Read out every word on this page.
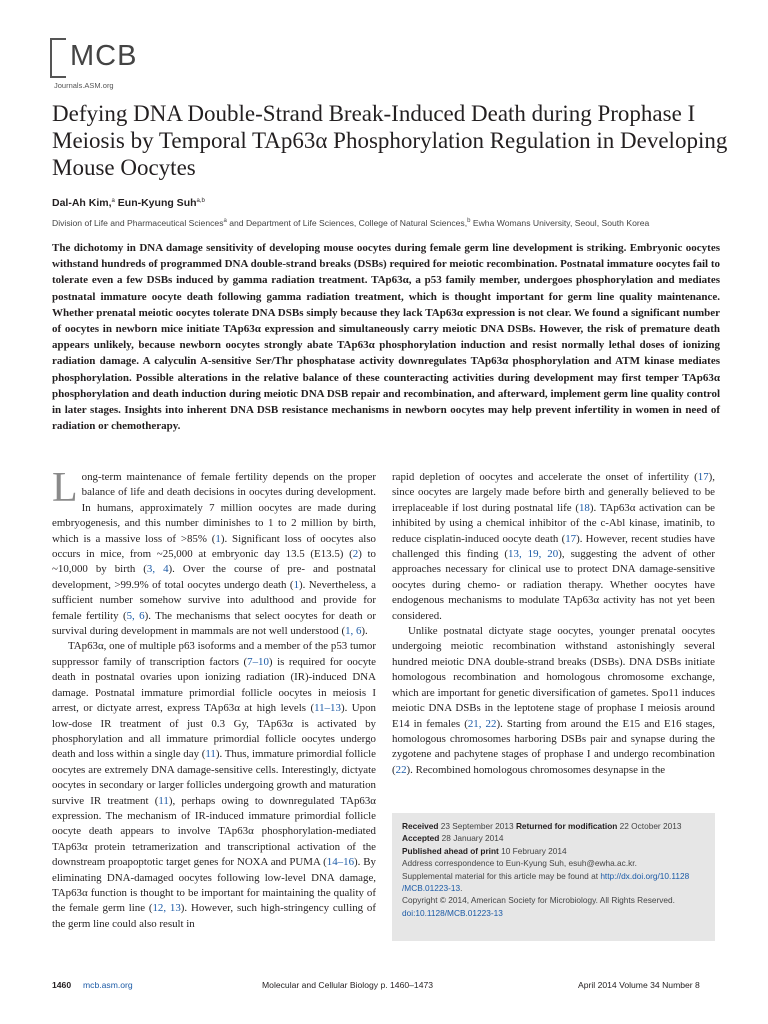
MCB
Journals.ASM.org
Defying DNA Double-Strand Break-Induced Death during Prophase I Meiosis by Temporal TAp63α Phosphorylation Regulation in Developing Mouse Oocytes
Dal-Ah Kim,$^a$ Eun-Kyung Suh$^{a,b}$
Division of Life and Pharmaceutical Sciences$^a$ and Department of Life Sciences, College of Natural Sciences,$^b$ Ewha Womans University, Seoul, South Korea

The dichotomy in DNA damage sensitivity of developing mouse oocytes during female germ line development is striking. Embryonic oocytes withstand hundreds of programmed DNA double-strand breaks (DSBs) required for meiotic recombination. Postnatal immature oocytes fail to tolerate even a few DSBs induced by gamma radiation treatment. TAp63α, a p53 family member, undergoes phosphorylation and mediates postnatal immature oocyte death following gamma radiation treatment, which is thought important for germ line quality maintenance. Whether prenatal meiotic oocytes tolerate DNA DSBs simply because they lack TAp63α expression is not clear. We found a significant number of oocytes in newborn mice initiate TAp63α expression and simultaneously carry meiotic DNA DSBs. However, the risk of premature death appears unlikely, because newborn oocytes strongly abate TAp63α phosphorylation induction and resist normally lethal doses of ionizing radiation damage. A calyculin A-sensitive Ser/Thr phosphatase activity downregulates TAp63α phosphorylation and ATM kinase mediates phosphorylation. Possible alterations in the relative balance of these counteracting activities during development may first temper TAp63α phosphorylation and death induction during meiotic DNA DSB repair and recombination, and afterward, implement germ line quality control in later stages. Insights into inherent DNA DSB resistance mechanisms in newborn oocytes may help prevent infertility in women in need of radiation or chemotherapy.

Long-term maintenance of female fertility depends on the proper balance of life and death decisions in oocytes during development. In humans, approximately 7 million oocytes are made during embryogenesis, and this number diminishes to 1 to 2 million by birth, which is a massive loss of >85% (1). Significant loss of oocytes also occurs in mice, from ~25,000 at embryonic day 13.5 (E13.5) (2) to ~10,000 by birth (3, 4). Over the course of pre- and postnatal development, >99.9% of total oocytes undergo death (1). Nevertheless, a sufficient number somehow survive into adulthood and provide for female fertility (5, 6). The mechanisms that select oocytes for death or survival during development in mammals are not well understood (1, 6).

TAp63α, one of multiple p63 isoforms and a member of the p53 tumor suppressor family of transcription factors (7–10) is required for oocyte death in postnatal ovaries upon ionizing radiation (IR)-induced DNA damage. Postnatal immature primordial follicle oocytes in meiosis I arrest, or dictyate arrest, express TAp63α at high levels (11–13). Upon low-dose IR treatment of just 0.3 Gy, TAp63α is activated by phosphorylation and all immature primordial follicle oocytes undergo death and loss within a single day (11). Thus, immature primordial follicle oocytes are extremely DNA damage-sensitive cells. Interestingly, dictyate oocytes in secondary or larger follicles undergoing growth and maturation survive IR treatment (11), perhaps owing to downregulated TAp63α expression. The mechanism of IR-induced immature primordial follicle oocyte death appears to involve TAp63α phosphorylation-mediated TAp63α protein tetramerization and transcriptional activation of the downstream proapoptotic target genes for NOXA and PUMA (14–16). By eliminating DNA-damaged oocytes following low-level DNA damage, TAp63α function is thought to be important for maintaining the quality of the female germ line (12, 13). However, such high-stringency culling of the germ line could also result in

rapid depletion of oocytes and accelerate the onset of infertility (17), since oocytes are largely made before birth and generally believed to be irreplaceable if lost during postnatal life (18). TAp63α activation can be inhibited by using a chemical inhibitor of the c-Abl kinase, imatinib, to reduce cisplatin-induced oocyte death (17). However, recent studies have challenged this finding (13, 19, 20), suggesting the advent of other approaches necessary for clinical use to protect DNA damage-sensitive oocytes during chemo- or radiation therapy. Whether oocytes have endogenous mechanisms to modulate TAp63α activity has not yet been considered.

Unlike postnatal dictyate stage oocytes, younger prenatal oocytes undergoing meiotic recombination withstand astonishingly several hundred meiotic DNA double-strand breaks (DSBs). DNA DSBs initiate homologous recombination and homologous chromosome exchange, which are important for genetic diversification of gametes. Spo11 induces meiotic DNA DSBs in the leptotene stage of prophase I meiosis around E14 in females (21, 22). Starting from around the E15 and E16 stages, homologous chromosomes harboring DSBs pair and synapse during the zygotene and pachytene stages of prophase I and undergo recombination (22). Recombined homologous chromosomes desynapse in the

Received 23 September 2013 Returned for modification 22 October 2013
Accepted 28 January 2014
Published ahead of print 10 February 2014
Address correspondence to Eun-Kyung Suh, esuh@ewha.ac.kr.
Supplemental material for this article may be found at http://dx.doi.org/10.1128
/MCB.01223-13.
Copyright © 2014, American Society for Microbiology. All Rights Reserved.
doi:10.1128/MCB.01223-13
1460 mcb.asm.org	Molecular and Cellular Biology p. 1460–1473	April 2014 Volume 34 Number 8
